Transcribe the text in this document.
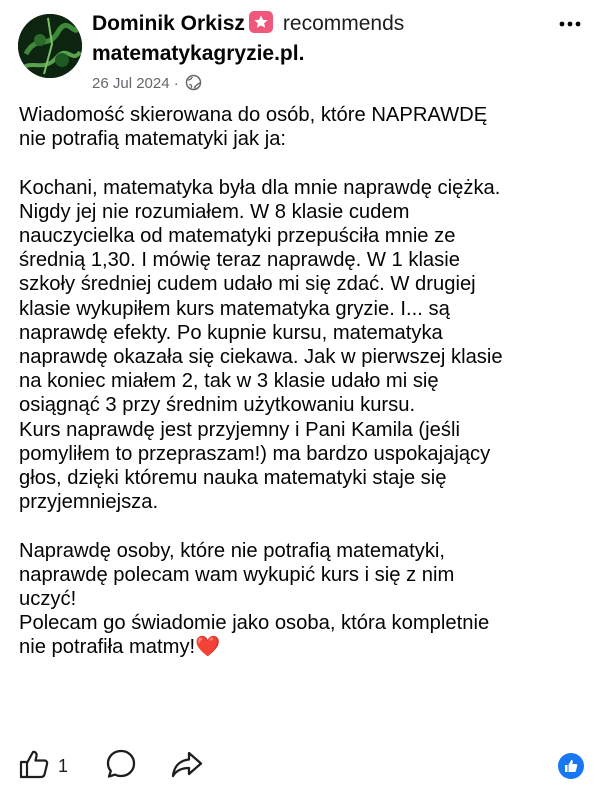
Dominik Orkisz recommends
matematykagryzie.pl.
26 Jul 2024 ·
Wiadomość skierowana do osób, które NAPRAWDĘ
nie potrafią matematyki jak ja:

Kochani, matematyka była dla mnie naprawdę ciężka.
Nigdy jej nie rozumiałem. W 8 klasie cudem
nauczycielka od matematyki przepuściła mnie ze
średnią 1,30. I mówię teraz naprawdę. W 1 klasie
szkoły średniej cudem udało mi się zdać. W drugiej
klasie wykupiłem kurs matematyka gryzie. I... są
naprawdę efekty. Po kupnie kursu, matematyka
naprawdę okazała się ciekawa. Jak w pierwszej klasie
na koniec miałem 2, tak w 3 klasie udało mi się
osiągnąć 3 przy średnim użytkowaniu kursu.
Kurs naprawdę jest przyjemny i Pani Kamila (jeśli
pomyliłem to przepraszam!) ma bardzo uspokajający
głos, dzięki któremu nauka matematyki staje się
przyjemniejsza.

Naprawdę osoby, które nie potrafią matematyki,
naprawdę polecam wam wykupić kurs i się z nim
uczyć!
Polecam go świadomie jako osoba, która kompletnie
nie potrafiła matmy!❤️
1
